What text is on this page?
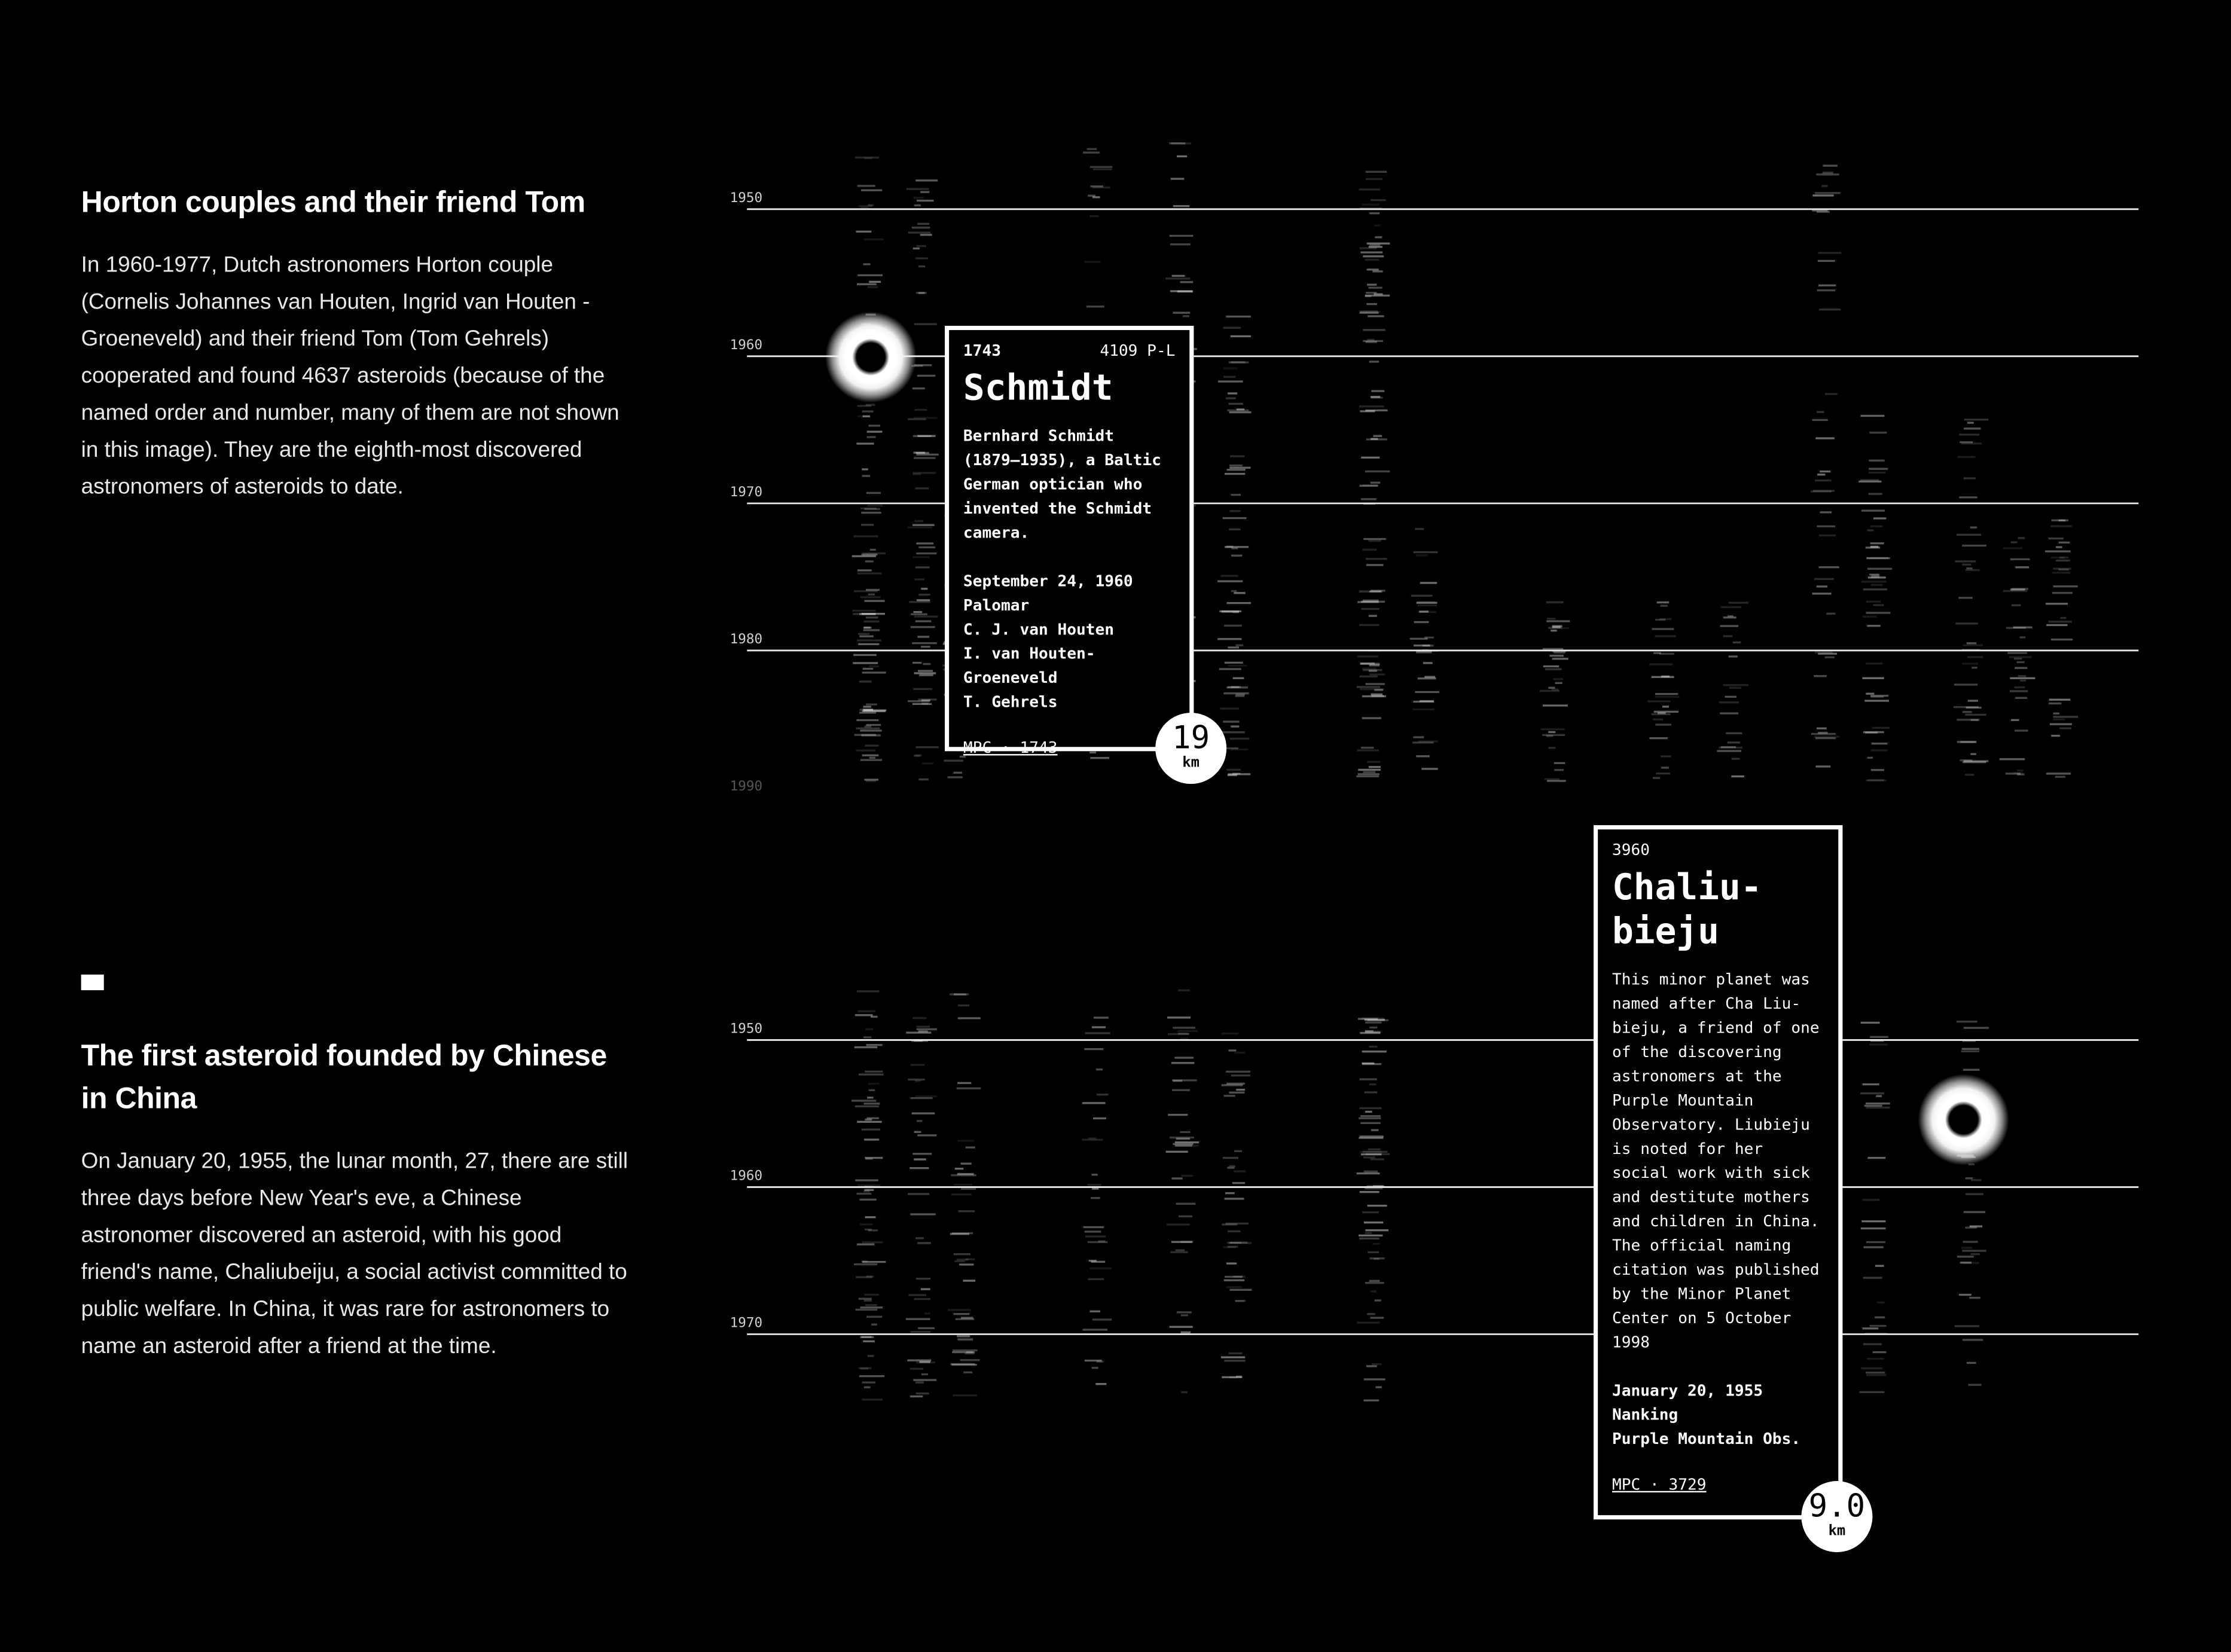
Horton couples and their friend Tom

In 1960-1977, Dutch astronomers Horton couple (Cornelis Johannes van Houten, Ingrid van Houten - Groeneveld) and their friend Tom (Tom Gehrels) cooperated and found 4637 asteroids (because of the named order and number, many of them are not shown in this image). They are the eighth-most discovered astronomers of asteroids to date.

The first asteroid founded by Chinese in China

On January 20, 1955, the lunar month, 27, there are still three days before New Year's eve, a Chinese astronomer discovered an asteroid, with his good friend's name, Chaliubeiju, a social activist committed to public welfare. In China, it was rare for astronomers to name an asteroid after a friend at the time.

1950
1960
1970
1980
1990
1950
1960
1970
1743	4109 P-L
Schmidt
Bernhard Schmidt (1879–1935), a Baltic German optician who invented the Schmidt camera.
September 24, 1960
Palomar
C. J. van Houten
I. van Houten-Groeneveld
T. Gehrels
MPC · 1743	19
km
3960
Chaliu-
bieju
This minor planet was named after Cha Liu-bieju, a friend of one of the discovering astronomers at the Purple Mountain Observatory. Liubieju is noted for her social work with sick and destitute mothers and children in China. The official naming citation was published by the Minor Planet Center on 5 October 1998
January 20, 1955
Nanking
Purple Mountain Obs.
MPC · 3729
9.0
km
